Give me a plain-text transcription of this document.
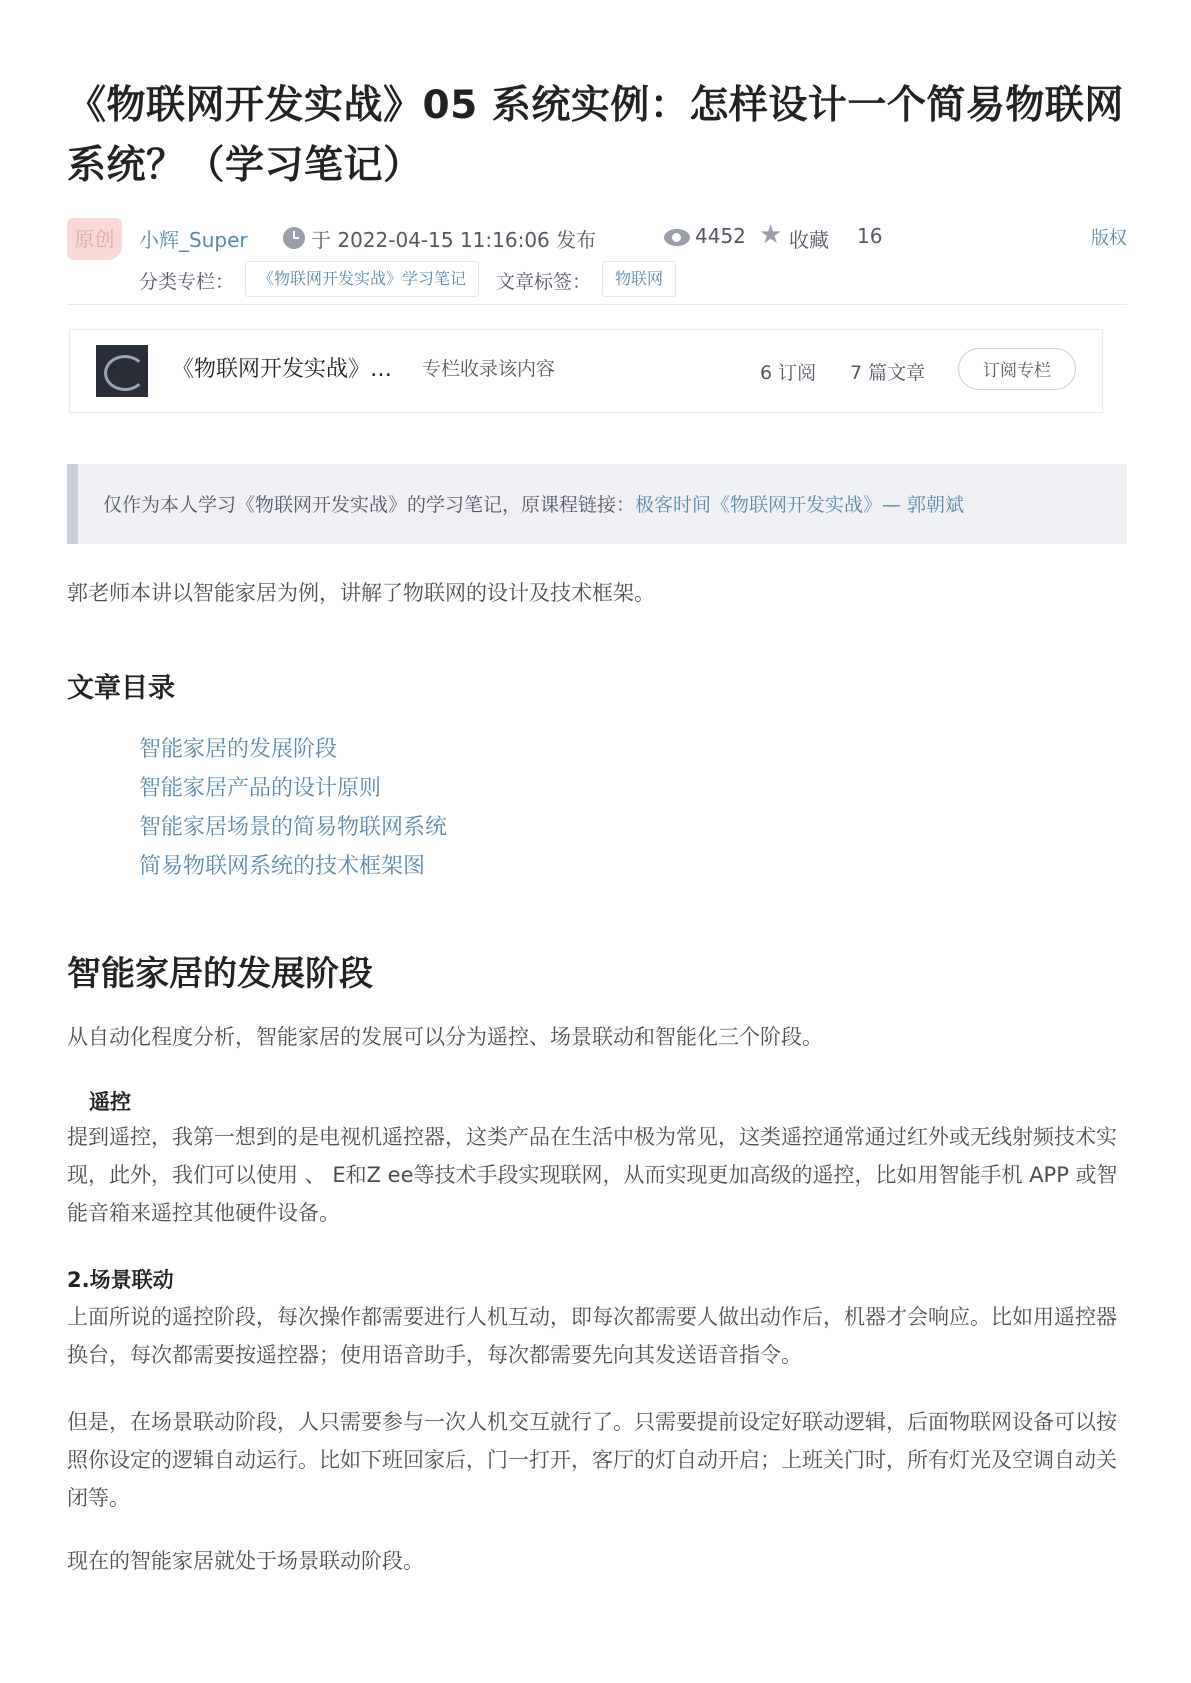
《物联网开发实战》05 系统实例：怎样设计一个简易物联网系统？（学习笔记）
原创	小辉_Super	于 2022-04-15 11:16:06 发布	4452 ★ 收藏 16	版权
分类专栏：	《物联网开发实战》学习笔记	文章标签：	物联网
《物联网开发实战》… 专栏收录该内容	6 订阅 7 篇文章	订阅专栏
仅作为本人学习《物联网开发实战》的学习笔记，原课程链接：极客时间《物联网开发实战》— 郭朝斌

郭老师本讲以智能家居为例，讲解了物联网的设计及技术框架。

文章目录
智能家居的发展阶段
智能家居产品的设计原则
智能家居场景的简易物联网系统
简易物联网系统的技术框架图
智能家居的发展阶段

从自动化程度分析，智能家居的发展可以分为遥控、场景联动和智能化三个阶段。

遥控

提到遥控，我第一想到的是电视机遥控器，这类产品在生活中极为常见，这类遥控通常通过红外或无线射频技术实现，此外，我们可以使用 、 E和Z ee等技术手段实现联网，从而实现更加高级的遥控，比如用智能手机 APP 或智能音箱来遥控其他硬件设备。

2.场景联动

上面所说的遥控阶段，每次操作都需要进行人机互动，即每次都需要人做出动作后，机器才会响应。比如用遥控器换台，每次都需要按遥控器；使用语音助手，每次都需要先向其发送语音指令。

但是，在场景联动阶段，人只需要参与一次人机交互就行了。只需要提前设定好联动逻辑，后面物联网设备可以按照你设定的逻辑自动运行。比如下班回家后，门一打开，客厅的灯自动开启；上班关门时，所有灯光及空调自动关闭等。

现在的智能家居就处于场景联动阶段。
